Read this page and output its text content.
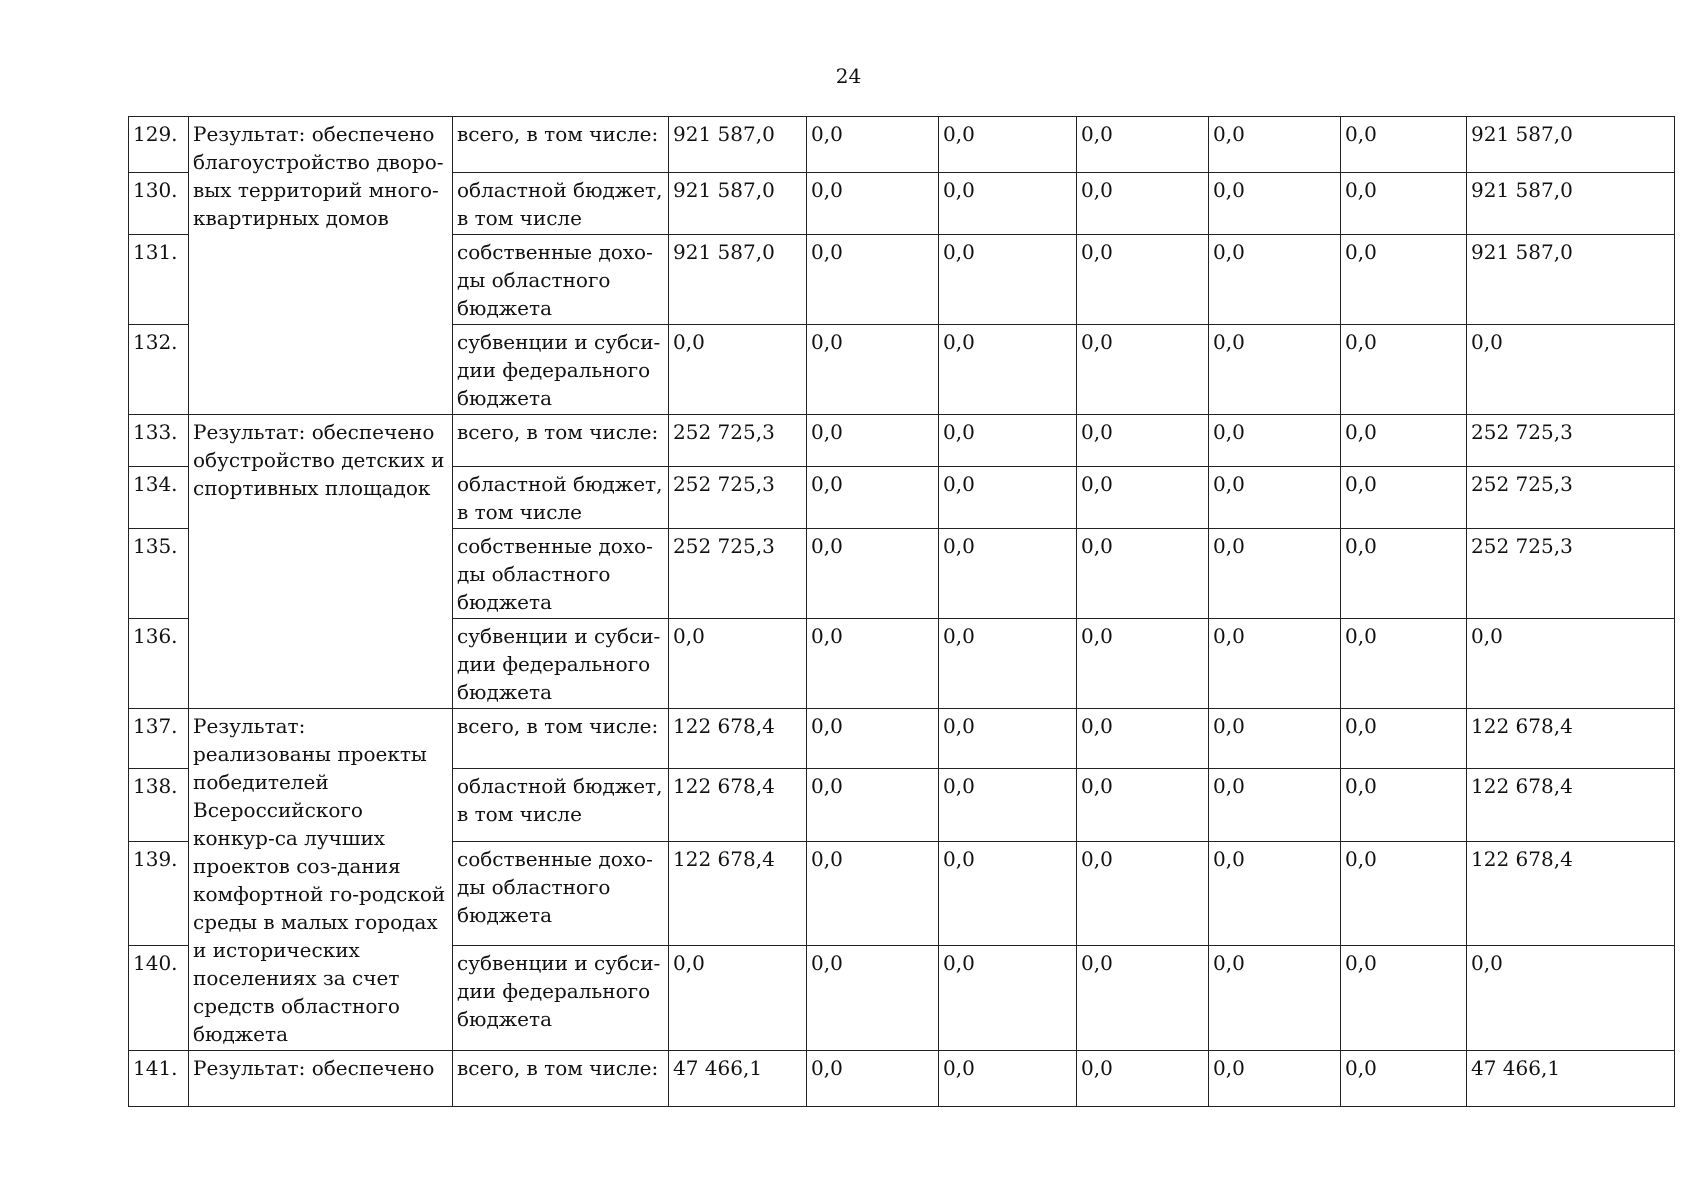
24
129.	Результат: обеспечено благоустройство дворо-вых территорий много-квартирных домов	всего, в том числе:	921 587,0	0,0	0,0	0,0	0,0	0,0	921 587,0
130.		областной бюджет, в том числе	921 587,0	0,0	0,0	0,0	0,0	0,0	921 587,0
131.		собственные дохо-ды областного бюджета	921 587,0	0,0	0,0	0,0	0,0	0,0	921 587,0
132.		субвенции и субси-дии федерального бюджета	0,0	0,0	0,0	0,0	0,0	0,0	0,0
133.	Результат: обеспечено обустройство детских и спортивных площадок	всего, в том числе:	252 725,3	0,0	0,0	0,0	0,0	0,0	252 725,3
134.		областной бюджет, в том числе	252 725,3	0,0	0,0	0,0	0,0	0,0	252 725,3
135.		собственные дохо-ды областного бюджета	252 725,3	0,0	0,0	0,0	0,0	0,0	252 725,3
136.		субвенции и субси-дии федерального бюджета	0,0	0,0	0,0	0,0	0,0	0,0	0,0
137.	Результат: реализованы проекты победителей Всероссийского конкур-са лучших проектов соз-дания комфортной го-родской среды в малых городах и исторических поселениях за счет средств областного бюджета	всего, в том числе:	122 678,4	0,0	0,0	0,0	0,0	0,0	122 678,4
138.		областной бюджет, в том числе	122 678,4	0,0	0,0	0,0	0,0	0,0	122 678,4
139.		собственные дохо-ды областного бюджета	122 678,4	0,0	0,0	0,0	0,0	0,0	122 678,4
140.		субвенции и субси-дии федерального бюджета	0,0	0,0	0,0	0,0	0,0	0,0	0,0
141.	Результат: обеспечено	всего, в том числе:	47 466,1	0,0	0,0	0,0	0,0	0,0	47 466,1
